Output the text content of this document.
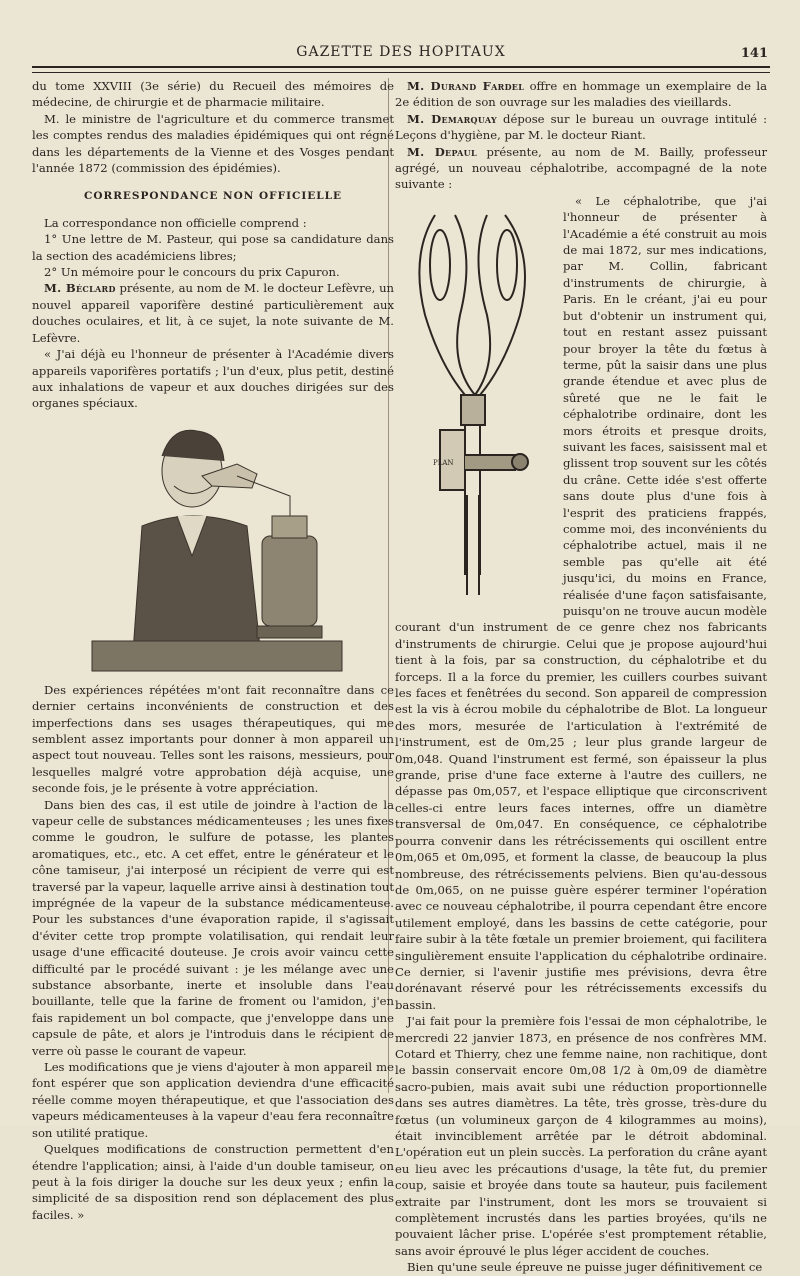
GAZETTE DES HOPITAUX	141

du tome XXVIII (3e série) du Recueil des mémoires de médecine, de chirurgie et de pharmacie militaire.

M. le ministre de l'agriculture et du commerce transmet les comptes rendus des maladies épidémiques qui ont régné dans les départements de la Vienne et des Vosges pendant l'année 1872 (commission des épidémies).

CORRESPONDANCE NON OFFICIELLE

La correspondance non officielle comprend :

1° Une lettre de M. Pasteur, qui pose sa candidature dans la section des académiciens libres;

2° Un mémoire pour le concours du prix Capuron.

M. Béclard présente, au nom de M. le docteur Lefèvre, un nouvel appareil vaporifère destiné particulièrement aux douches oculaires, et lit, à ce sujet, la note suivante de M. Lefèvre.

« J'ai déjà eu l'honneur de présenter à l'Académie divers appareils vaporifères portatifs ; l'un d'eux, plus petit, destiné aux inhalations de vapeur et aux douches dirigées sur des organes spéciaux.

Des expériences répétées m'ont fait reconnaître dans ce dernier certains inconvénients de construction et des imperfections dans ses usages thérapeutiques, qui me semblent assez importants pour donner à mon appareil un aspect tout nouveau. Telles sont les raisons, messieurs, pour lesquelles malgré votre approbation déjà acquise, une seconde fois, je le présente à votre appréciation.

Dans bien des cas, il est utile de joindre à l'action de la vapeur celle de substances médicamenteuses ; les unes fixes comme le goudron, le sulfure de potasse, les plantes aromatiques, etc., etc. A cet effet, entre le générateur et le cône tamiseur, j'ai interposé un récipient de verre qui est traversé par la vapeur, laquelle arrive ainsi à destination tout imprégnée de la vapeur de la substance médicamenteuse. Pour les substances d'une évaporation rapide, il s'agissait d'éviter cette trop prompte volatilisation, qui rendait leur usage d'une efficacité douteuse. Je crois avoir vaincu cette difficulté par le procédé suivant : je les mélange avec une substance absorbante, inerte et insoluble dans l'eau bouillante, telle que la farine de froment ou l'amidon, j'en fais rapidement un bol compacte, que j'enveloppe dans une capsule de pâte, et alors je l'introduis dans le récipient de verre où passe le courant de vapeur.

Les modifications que je viens d'ajouter à mon appareil me font espérer que son application deviendra d'une efficacité réelle comme moyen thérapeutique, et que l'association des vapeurs médicamenteuses à la vapeur d'eau fera reconnaître son utilité pratique.

Quelques modifications de construction permettent d'en étendre l'application; ainsi, à l'aide d'un double tamiseur, on peut à la fois diriger la douche sur les deux yeux ; enfin la simplicité de sa disposition rend son déplacement des plus faciles. »

M. Durand Fardel offre en hommage un exemplaire de la 2e édition de son ouvrage sur les maladies des vieillards.

M. Demarquay dépose sur le bureau un ouvrage intitulé : Leçons d'hygiène, par M. le docteur Riant.

M. Depaul présente, au nom de M. Bailly, professeur agrégé, un nouveau céphalotribe, accompagné de la note suivante :

PLAN

« Le céphalotribe, que j'ai l'honneur de présenter à l'Académie a été construit au mois de mai 1872, sur mes indications, par M. Collin, fabricant d'instruments de chirurgie, à Paris. En le créant, j'ai eu pour but d'obtenir un instrument qui, tout en restant assez puissant pour broyer la tête du fœtus à terme, pût la saisir dans une plus grande étendue et avec plus de sûreté que ne le fait le céphalotribe ordinaire, dont les mors étroits et presque droits, suivant les faces, saisissent mal et glissent trop souvent sur les côtés du crâne. Cette idée s'est offerte sans doute plus d'une fois à l'esprit des praticiens frappés, comme moi, des inconvénients du céphalotribe actuel, mais il ne semble pas qu'elle ait été jusqu'ici, du moins en France, réalisée d'une façon satisfaisante, puisqu'on ne trouve aucun modèle courant d'un instrument de ce genre chez nos fabricants d'instruments de chirurgie. Celui que je propose aujourd'hui tient à la fois, par sa construction, du céphalotribe et du forceps. Il a la force du premier, les cuillers courbes suivant les faces et fenêtrées du second. Son appareil de compression est la vis à écrou mobile du céphalotribe de Blot. La longueur des mors, mesurée de l'articulation à l'extrémité de l'instrument, est de 0m,25 ; leur plus grande largeur de 0m,048. Quand l'instrument est fermé, son épaisseur la plus grande, prise d'une face externe à l'autre des cuillers, ne dépasse pas 0m,057, et l'espace elliptique que circonscrivent celles-ci entre leurs faces internes, offre un diamètre transversal de 0m,047. En conséquence, ce céphalotribe pourra convenir dans les rétrécissements qui oscillent entre 0m,065 et 0m,095, et forment la classe, de beaucoup la plus nombreuse, des rétrécissements pelviens. Bien qu'au-dessous de 0m,065, on ne puisse guère espérer terminer l'opération avec ce nouveau céphalotribe, il pourra cependant être encore utilement employé, dans les bassins de cette catégorie, pour faire subir à la tête fœtale un premier broiement, qui facilitera singulièrement ensuite l'application du céphalotribe ordinaire. Ce dernier, si l'avenir justifie mes prévisions, devra être dorénavant réservé pour les rétrécissements excessifs du bassin.

J'ai fait pour la première fois l'essai de mon céphalotribe, le mercredi 22 janvier 1873, en présence de nos confrères MM. Cotard et Thierry, chez une femme naine, non rachitique, dont le bassin conservait encore 0m,08 1/2 à 0m,09 de diamètre sacro-pubien, mais avait subi une réduction proportionnelle dans ses autres diamètres. La tête, très grosse, très-dure du fœtus (un volumineux garçon de 4 kilogrammes au moins), était invinciblement arrêtée par le détroit abdominal. L'opération eut un plein succès. La perforation du crâne ayant eu lieu avec les précautions d'usage, la tête fut, du premier coup, saisie et broyée dans toute sa hauteur, puis facilement extraite par l'instrument, dont les mors se trouvaient si complètement incrustés dans les parties broyées, qu'ils ne pouvaient lâcher prise. L'opérée s'est promptement rétablie, sans avoir éprouvé le plus léger accident de couches.

Bien qu'une seule épreuve ne puisse juger définitivement ce
